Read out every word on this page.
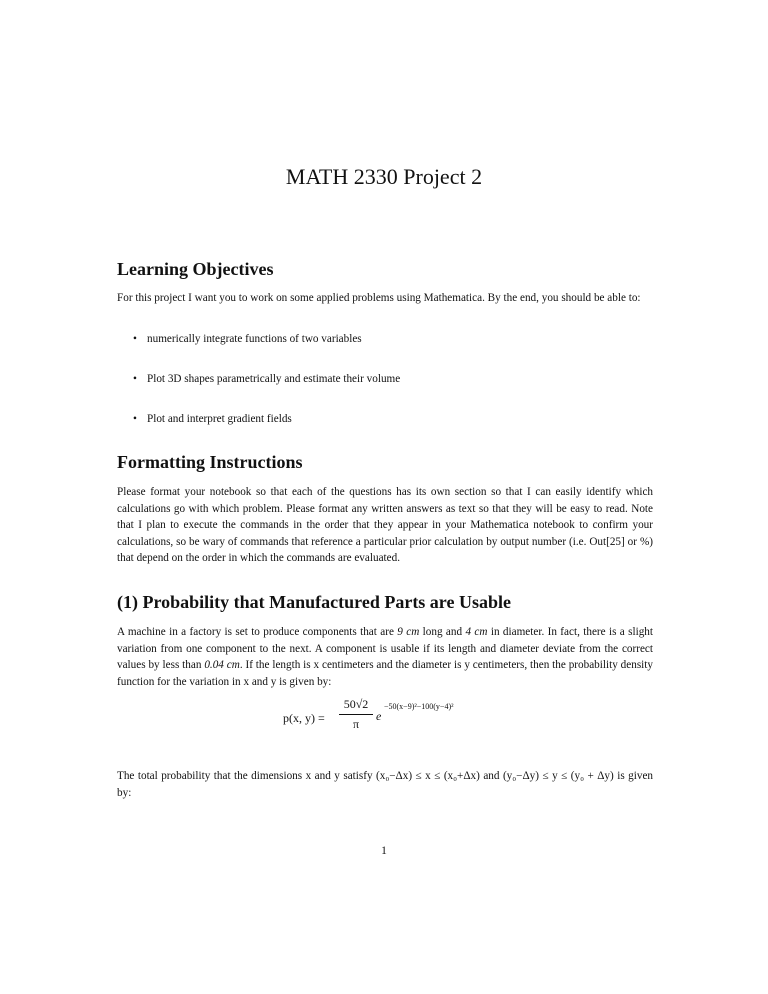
MATH 2330 Project 2
Learning Objectives
For this project I want you to work on some applied problems using Mathematica. By the end, you should be able to:
• numerically integrate functions of two variables
• Plot 3D shapes parametrically and estimate their volume
• Plot and interpret gradient fields
Formatting Instructions
Please format your notebook so that each of the questions has its own section so that I can easily identify which calculations go with which problem. Please format any written answers as text so that they will be easy to read. Note that I plan to execute the commands in the order that they appear in your Mathematica notebook to confirm your calculations, so be wary of commands that reference a particular prior calculation by output number (i.e. Out[25] or %) that depend on the order in which the commands are evaluated.
(1) Probability that Manufactured Parts are Usable
A machine in a factory is set to produce components that are 9 cm long and 4 cm in diameter. In fact, there is a slight variation from one component to the next. A component is usable if its length and diameter deviate from the correct values by less than 0.04 cm. If the length is x centimeters and the diameter is y centimeters, then the probability density function for the variation in x and y is given by:
p(x, y) =
50√2
π
e
−50(x−9)²−100(y−4)²
The total probability that the dimensions x and y satisfy (x₀−Δx) ≤ x ≤ (x₀+Δx) and (y₀−Δy) ≤ y ≤ (y₀ + Δy) is given by:
1
